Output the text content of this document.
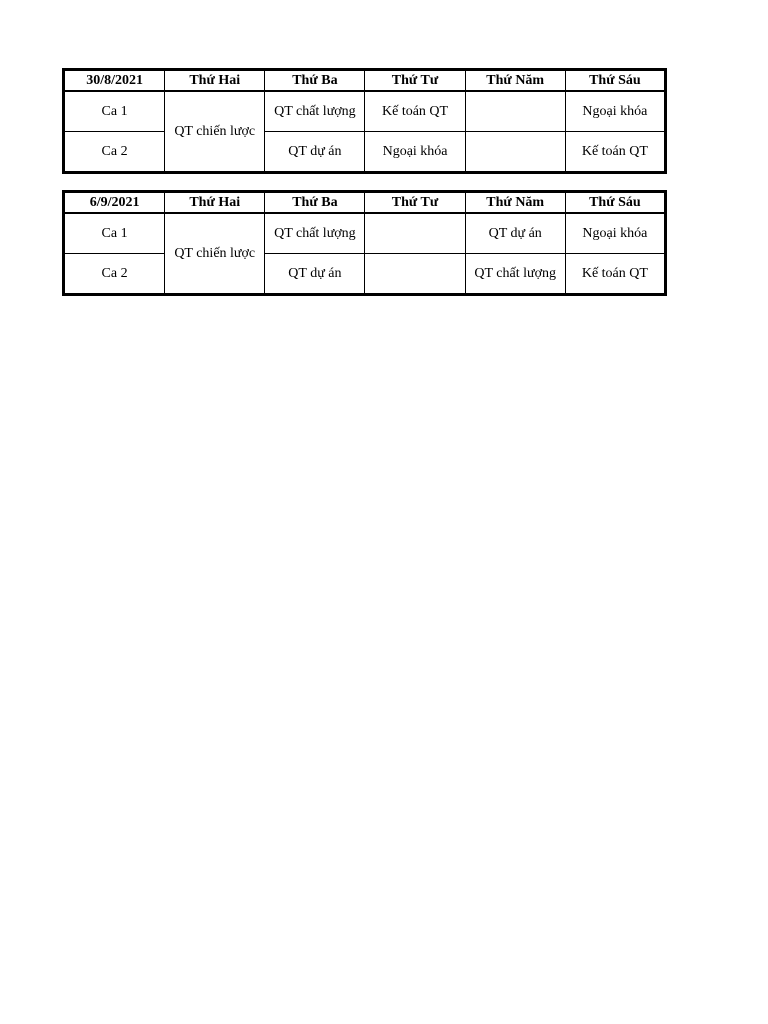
30/8/2021	Thứ Hai	Thứ Ba	Thứ Tư	Thứ Năm	Thứ Sáu
Ca 1	QT chiến lược	QT chất lượng	Kế toán QT		Ngoại khóa
Ca 2		QT dự án	Ngoại khóa		Kế toán QT
6/9/2021	Thứ Hai	Thứ Ba	Thứ Tư	Thứ Năm	Thứ Sáu
Ca 1	QT chiến lược	QT chất lượng		QT dự án	Ngoại khóa
Ca 2		QT dự án		QT chất lượng	Kế toán QT
